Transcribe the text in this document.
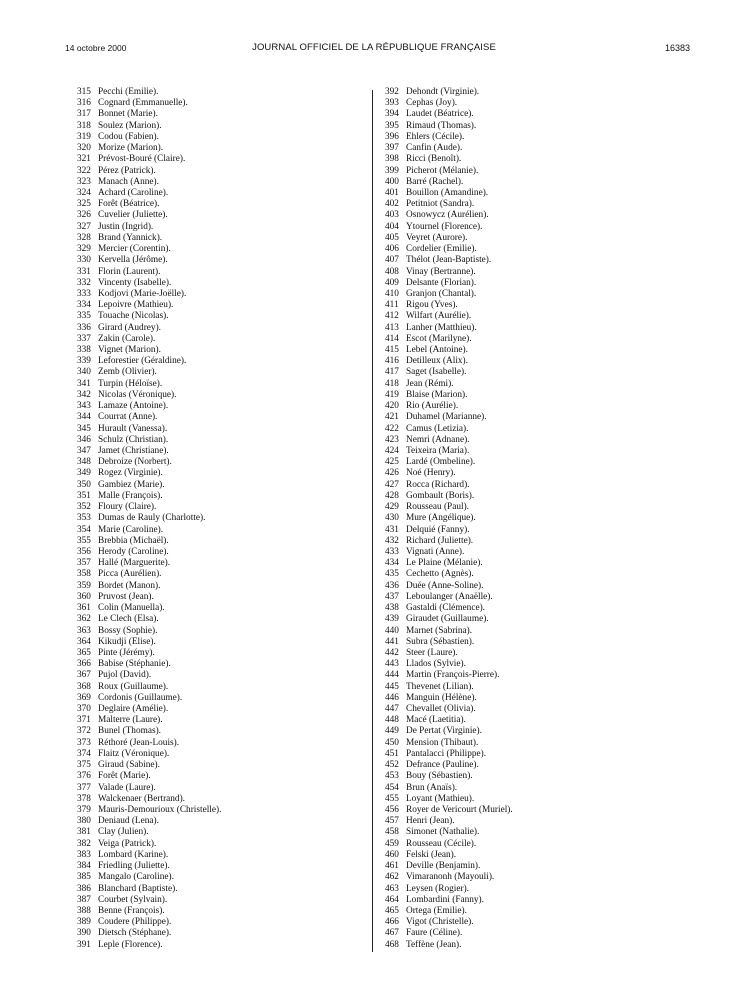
14 octobre 2000	JOURNAL OFFICIEL DE LA RÉPUBLIQUE FRANÇAISE	16383
315 Pecchi (Emilie).
316 Cognard (Emmanuelle).
317 Bonnet (Marie).
318 Soulez (Marion).
319 Codou (Fabien).
320 Morize (Marion).
321 Prévost-Bouré (Claire).
322 Pérez (Patrick).
323 Manach (Anne).
324 Achard (Caroline).
325 Forêt (Béatrice).
326 Cuvelier (Juliette).
327 Justin (Ingrid).
328 Brand (Yannick).
329 Mercier (Corentin).
330 Kervella (Jérôme).
331 Florin (Laurent).
332 Vincenty (Isabelle).
333 Kodjovi (Marie-Joëlle).
334 Lepoivre (Mathieu).
335 Touache (Nicolas).
336 Girard (Audrey).
337 Zakin (Carole).
338 Vignet (Marion).
339 Leforestier (Géraldine).
340 Zemb (Olivier).
341 Turpin (Héloïse).
342 Nicolas (Véronique).
343 Lamaze (Antoine).
344 Courrat (Anne).
345 Hurault (Vanessa).
346 Schulz (Christian).
347 Jamet (Christiane).
348 Debroize (Norbert).
349 Rogez (Virginie).
350 Gambiez (Marie).
351 Malle (François).
352 Floury (Claire).
353 Dumas de Rauly (Charlotte).
354 Marie (Caroline).
355 Brebbia (Michaël).
356 Herody (Caroline).
357 Hallé (Marguerite).
358 Picca (Aurélien).
359 Bordet (Manon).
360 Pruvost (Jean).
361 Colin (Manuella).
362 Le Clech (Elsa).
363 Bossy (Sophie).
364 Kikudji (Elise).
365 Pinte (Jérémy).
366 Babise (Stéphanie).
367 Pujol (David).
368 Roux (Guillaume).
369 Cordonis (Guillaume).
370 Deglaire (Amélie).
371 Malterre (Laure).
372 Bunel (Thomas).
373 Réthoré (Jean-Louis).
374 Flaitz (Véronique).
375 Giraud (Sabine).
376 Forêt (Marie).
377 Valade (Laure).
378 Walckenaer (Bertrand).
379 Mauris-Demourioux (Christelle).
380 Deniaud (Lena).
381 Clay (Julien).
382 Veiga (Patrick).
383 Lombard (Karine).
384 Friedling (Juliette).
385 Mangalo (Caroline).
386 Blanchard (Baptiste).
387 Courbet (Sylvain).
388 Benne (François).
389 Coudere (Philippe).
390 Dietsch (Stéphane).
391 Leple (Florence).
392 Dehondt (Virginie).
393 Cephas (Joy).
394 Laudet (Béatrice).
395 Rimaud (Thomas).
396 Ehlers (Cécile).
397 Canfin (Aude).
398 Ricci (Benoît).
399 Picherot (Mélanie).
400 Barré (Rachel).
401 Bouillon (Amandine).
402 Petitniot (Sandra).
403 Osnowycz (Aurélien).
404 Ytournel (Florence).
405 Veyret (Aurore).
406 Cordelier (Emilie).
407 Thélot (Jean-Baptiste).
408 Vinay (Bertranne).
409 Delsante (Florian).
410 Granjon (Chantal).
411 Rigou (Yves).
412 Wilfart (Aurélie).
413 Lanher (Matthieu).
414 Escot (Marilyne).
415 Lebel (Antoine).
416 Detilleux (Alix).
417 Saget (Isabelle).
418 Jean (Rémi).
419 Blaise (Marion).
420 Rio (Aurélie).
421 Duhamel (Marianne).
422 Camus (Letizia).
423 Nemri (Adnane).
424 Teixeira (Maria).
425 Lardé (Ombeline).
426 Noé (Henry).
427 Rocca (Richard).
428 Gombault (Boris).
429 Rousseau (Paul).
430 Mure (Angélique).
431 Delquié (Fanny).
432 Richard (Juliette).
433 Vignati (Anne).
434 Le Plaine (Mélanie).
435 Cechetto (Agnès).
436 Duée (Anne-Soline).
437 Leboulanger (Anaëlle).
438 Gastaldi (Clémence).
439 Giraudet (Guillaume).
440 Marnet (Sabrina).
441 Subra (Sébastien).
442 Steer (Laure).
443 Llados (Sylvie).
444 Martin (François-Pierre).
445 Thevenet (Lilian).
446 Manguin (Hélène).
447 Chevallet (Olivia).
448 Macé (Laetitia).
449 De Pertat (Virginie).
450 Mension (Thibaut).
451 Pantalacci (Philippe).
452 Defrance (Pauline).
453 Bouy (Sébastien).
454 Brun (Anaïs).
455 Loyant (Mathieu).
456 Royer de Vericourt (Muriel).
457 Henri (Jean).
458 Simonet (Nathalie).
459 Rousseau (Cécile).
460 Felski (Jean).
461 Deville (Benjamin).
462 Vimaranonh (Mayouli).
463 Leysen (Rogier).
464 Lombardini (Fanny).
465 Ortega (Emilie).
466 Vigot (Christelle).
467 Faure (Céline).
468 Teffène (Jean).
